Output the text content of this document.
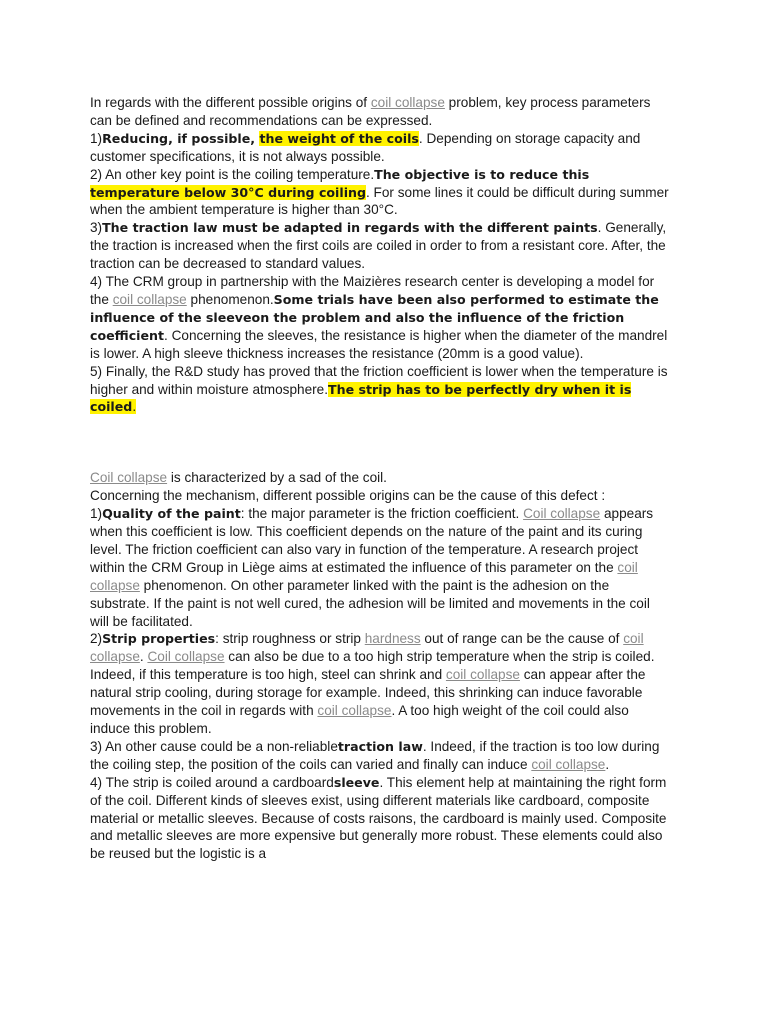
In regards with the different possible origins of coil collapse problem, key process parameters can be defined and recommendations can be expressed.

1)Reducing, if possible, the weight of the coils. Depending on storage capacity and customer specifications, it is not always possible.

2) An other key point is the coiling temperature.The objective is to reduce this temperature below 30°C during coiling. For some lines it could be difficult during summer when the ambient temperature is higher than 30°C.

3)The traction law must be adapted in regards with the different paints. Generally, the traction is increased when the first coils are coiled in order to from a resistant core. After, the traction can be decreased to standard values.

4) The CRM group in partnership with the Maizières research center is developing a model for the coil collapse phenomenon.Some trials have been also performed to estimate the influence of the sleeveon the problem and also the influence of the friction coefficient. Concerning the sleeves, the resistance is higher when the diameter of the mandrel is lower. A high sleeve thickness increases the resistance (20mm is a good value).

5) Finally, the R&D study has proved that the friction coefficient is lower when the temperature is higher and within moisture atmosphere.The strip has to be perfectly dry when it is coiled.

Coil collapse is characterized by a sad of the coil.

Concerning the mechanism, different possible origins can be the cause of this defect :

1)Quality of the paint: the major parameter is the friction coefficient. Coil collapse appears when this coefficient is low. This coefficient depends on the nature of the paint and its curing level. The friction coefficient can also vary in function of the temperature. A research project within the CRM Group in Liège aims at estimated the influence of this parameter on the coil collapse phenomenon. On other parameter linked with the paint is the adhesion on the substrate. If the paint is not well cured, the adhesion will be limited and movements in the coil will be facilitated.

2)Strip properties: strip roughness or strip hardness out of range can be the cause of coil collapse. Coil collapse can also be due to a too high strip temperature when the strip is coiled. Indeed, if this temperature is too high, steel can shrink and coil collapse can appear after the natural strip cooling, during storage for example. Indeed, this shrinking can induce favorable movements in the coil in regards with coil collapse. A too high weight of the coil could also induce this problem.

3) An other cause could be a non-reliabletraction law. Indeed, if the traction is too low during the coiling step, the position of the coils can varied and finally can induce coil collapse.

4) The strip is coiled around a cardboardsleeve. This element help at maintaining the right form of the coil. Different kinds of sleeves exist, using different materials like cardboard, composite material or metallic sleeves. Because of costs raisons, the cardboard is mainly used. Composite and metallic sleeves are more expensive but generally more robust. These elements could also be reused but the logistic is a
